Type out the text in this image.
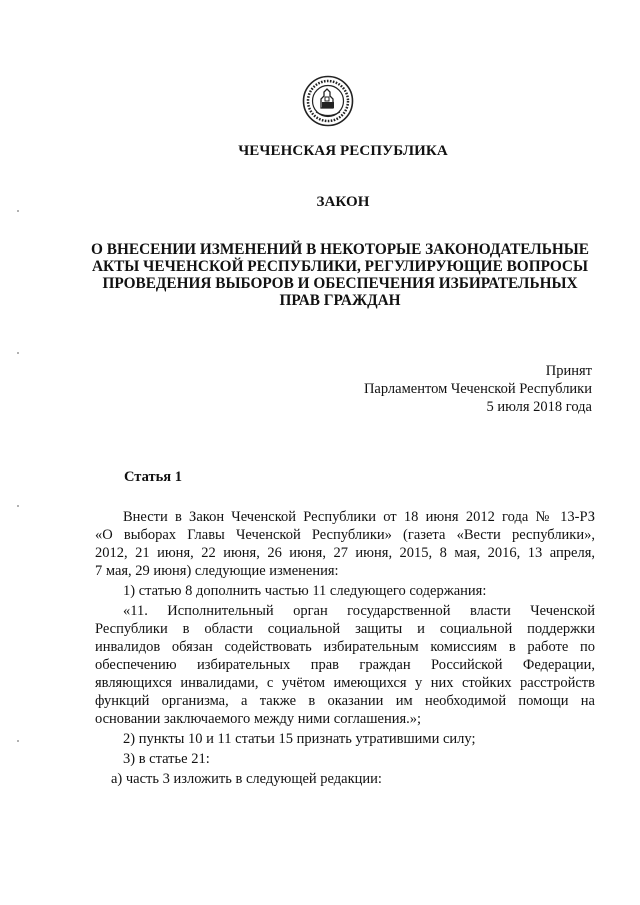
ЧЕЧЕНСКАЯ РЕСПУБЛИКА
ЗАКОН
О ВНЕСЕНИИ ИЗМЕНЕНИЙ В НЕКОТОРЫЕ ЗАКОНОДАТЕЛЬНЫЕ
АКТЫ ЧЕЧЕНСКОЙ РЕСПУБЛИКИ, РЕГУЛИРУЮЩИЕ ВОПРОСЫ
ПРОВЕДЕНИЯ ВЫБОРОВ И ОБЕСПЕЧЕНИЯ ИЗБИРАТЕЛЬНЫХ
ПРАВ ГРАЖДАН
Принят
Парламентом Чеченской Республики
5 июля 2018 года
Статья 1
Внести в Закон Чеченской Республики от 18 июня 2012 года № 13-РЗ
«О выборах Главы Чеченской Республики» (газета «Вести республики»,
2012, 21 июня, 22 июня, 26 июня, 27 июня, 2015, 8 мая, 2016, 13 апреля,
7 мая, 29 июня) следующие изменения:
1) статью 8 дополнить частью 11 следующего содержания:
«11. Исполнительный орган государственной власти Чеченской
Республики в области социальной защиты и социальной поддержки
инвалидов обязан содействовать избирательным комиссиям в работе по
обеспечению избирательных прав граждан Российской Федерации,
являющихся инвалидами, с учётом имеющихся у них стойких расстройств
функций организма, а также в оказании им необходимой помощи на
основании заключаемого между ними соглашения.»;
2) пункты 10 и 11 статьи 15 признать утратившими силу;
3) в статье 21:
а) часть 3 изложить в следующей редакции:
